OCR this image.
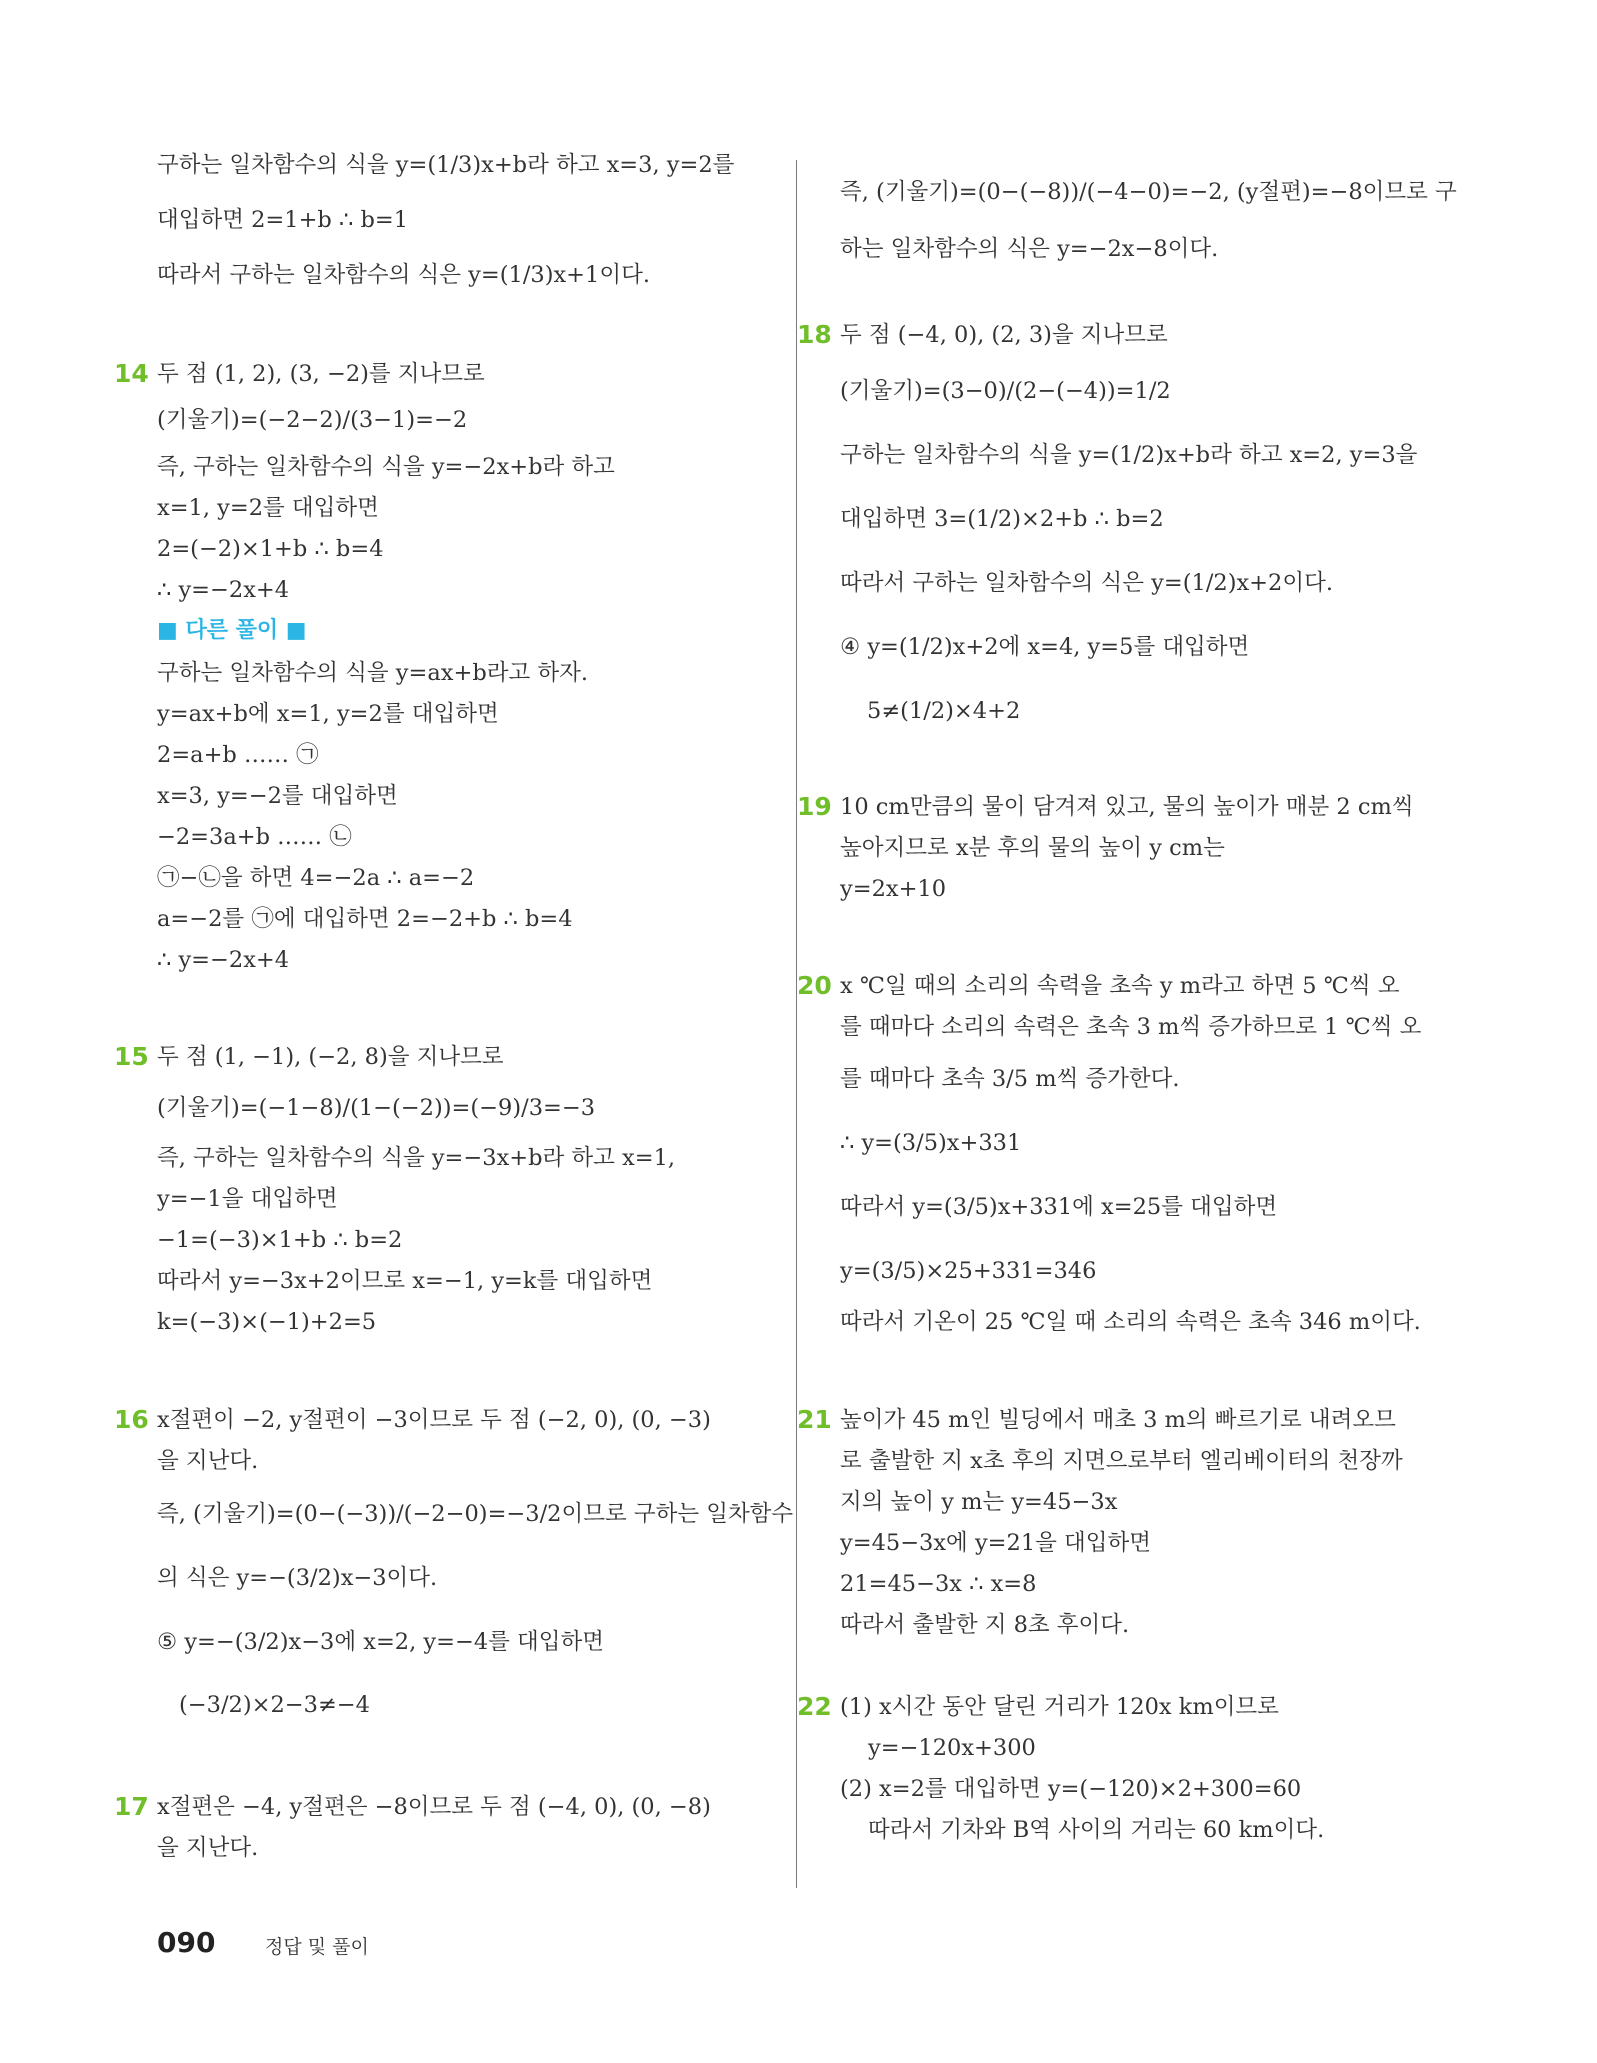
구하는 일차함수의 식을 y=(1/3)x+b라 하고 x=3, y=2를
대입하면 2=1+b ∴ b=1
따라서 구하는 일차함수의 식은 y=(1/3)x+1이다.
14 두 점 (1, 2), (3, −2)를 지나므로
(기울기)=(−2−2)/(3−1)=−2
즉, 구하는 일차함수의 식을 y=−2x+b라 하고
x=1, y=2를 대입하면
2=(−2)×1+b ∴ b=4
∴ y=−2x+4
■ 다른 풀이 ■
구하는 일차함수의 식을 y=ax+b라고 하자.
y=ax+b에 x=1, y=2를 대입하면
2=a+b …… ㉠
x=3, y=−2를 대입하면
−2=3a+b …… ㉡
㉠−㉡을 하면 4=−2a ∴ a=−2
a=−2를 ㉠에 대입하면 2=−2+b ∴ b=4
∴ y=−2x+4
15 두 점 (1, −1), (−2, 8)을 지나므로
(기울기)=(−1−8)/(1−(−2))=(−9)/3=−3
즉, 구하는 일차함수의 식을 y=−3x+b라 하고 x=1,
y=−1을 대입하면
−1=(−3)×1+b ∴ b=2
따라서 y=−3x+2이므로 x=−1, y=k를 대입하면
k=(−3)×(−1)+2=5
16 x절편이 −2, y절편이 −3이므로 두 점 (−2, 0), (0, −3)
을 지난다.
즉, (기울기)=(0−(−3))/(−2−0)=−3/2이므로 구하는 일차함수
의 식은 y=−(3/2)x−3이다.
⑤ y=−(3/2)x−3에 x=2, y=−4를 대입하면
(−3/2)×2−3≠−4
17 x절편은 −4, y절편은 −8이므로 두 점 (−4, 0), (0, −8)
을 지난다.
즉, (기울기)=(0−(−8))/(−4−0)=−2, (y절편)=−8이므로 구
하는 일차함수의 식은 y=−2x−8이다.
18 두 점 (−4, 0), (2, 3)을 지나므로
(기울기)=(3−0)/(2−(−4))=1/2
구하는 일차함수의 식을 y=(1/2)x+b라 하고 x=2, y=3을
대입하면 3=(1/2)×2+b ∴ b=2
따라서 구하는 일차함수의 식은 y=(1/2)x+2이다.
④ y=(1/2)x+2에 x=4, y=5를 대입하면
5≠(1/2)×4+2
19 10 cm만큼의 물이 담겨져 있고, 물의 높이가 매분 2 cm씩
높아지므로 x분 후의 물의 높이 y cm는
y=2x+10
20 x ℃일 때의 소리의 속력을 초속 y m라고 하면 5 ℃씩 오
를 때마다 소리의 속력은 초속 3 m씩 증가하므로 1 ℃씩 오
를 때마다 초속 3/5 m씩 증가한다.
∴ y=(3/5)x+331
따라서 y=(3/5)x+331에 x=25를 대입하면
y=(3/5)×25+331=346
따라서 기온이 25 ℃일 때 소리의 속력은 초속 346 m이다.
21 높이가 45 m인 빌딩에서 매초 3 m의 빠르기로 내려오므
로 출발한 지 x초 후의 지면으로부터 엘리베이터의 천장까
지의 높이 y m는 y=45−3x
y=45−3x에 y=21을 대입하면
21=45−3x ∴ x=8
따라서 출발한 지 8초 후이다.
22 (1) x시간 동안 달린 거리가 120x km이므로
y=−120x+300
(2) x=2를 대입하면 y=(−120)×2+300=60
따라서 기차와 B역 사이의 거리는 60 km이다.
090	정답 및 풀이
